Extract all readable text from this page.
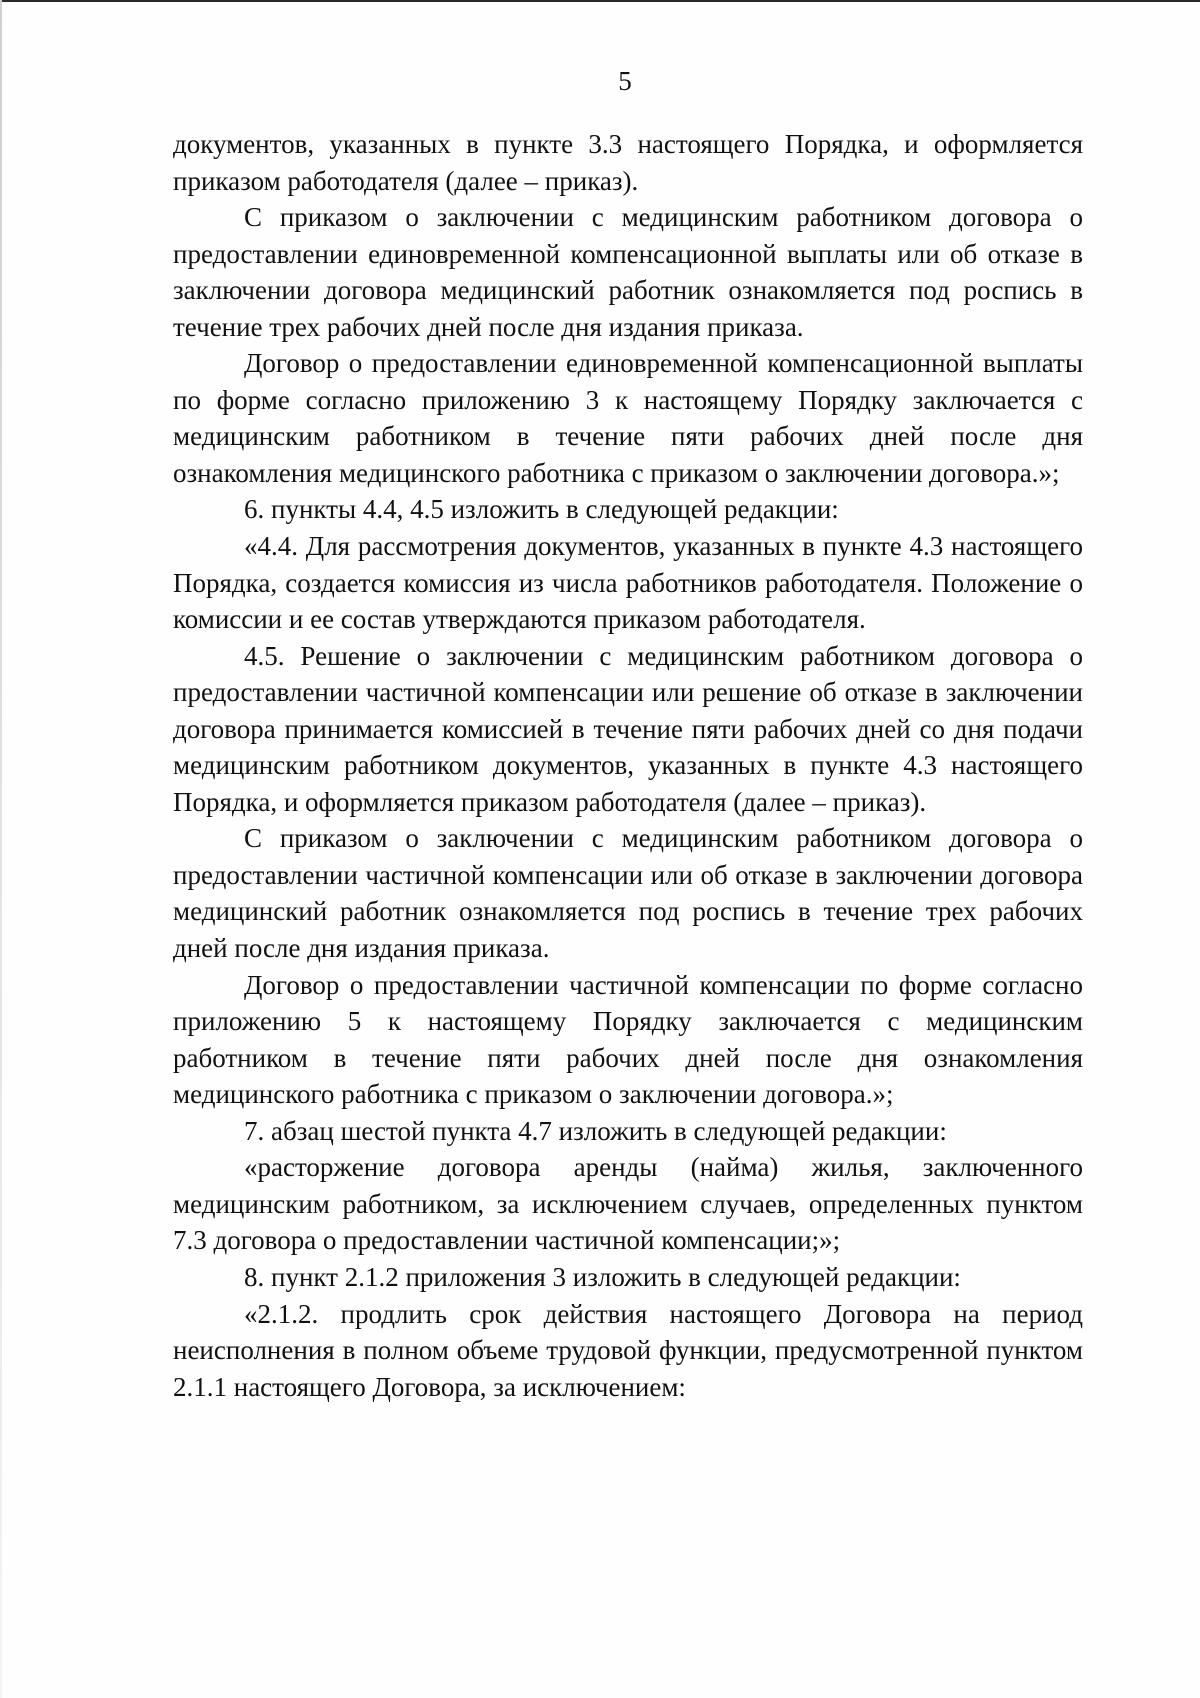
5

документов, указанных в пункте 3.3 настоящего Порядка, и оформляется приказом работодателя (далее – приказ).

С приказом о заключении с медицинским работником договора о предоставлении единовременной компенсационной выплаты или об отказе в заключении договора медицинский работник ознакомляется под роспись в течение трех рабочих дней после дня издания приказа.

Договор о предоставлении единовременной компенсационной выплаты по форме согласно приложению 3 к настоящему Порядку заключается с медицинским работником в течение пяти рабочих дней после дня ознакомления медицинского работника с приказом о заключении договора.»;

6. пункты 4.4, 4.5 изложить в следующей редакции:

«4.4. Для рассмотрения документов, указанных в пункте 4.3 настоящего Порядка, создается комиссия из числа работников работодателя. Положение о комиссии и ее состав утверждаются приказом работодателя.

4.5. Решение о заключении с медицинским работником договора о предоставлении частичной компенсации или решение об отказе в заключении договора принимается комиссией в течение пяти рабочих дней со дня подачи медицинским работником документов, указанных в пункте 4.3 настоящего Порядка, и оформляется приказом работодателя (далее – приказ).

С приказом о заключении с медицинским работником договора о предоставлении частичной компенсации или об отказе в заключении договора медицинский работник ознакомляется под роспись в течение трех рабочих дней после дня издания приказа.

Договор о предоставлении частичной компенсации по форме согласно приложению 5 к настоящему Порядку заключается с медицинским работником в течение пяти рабочих дней после дня ознакомления медицинского работника с приказом о заключении договора.»;

7. абзац шестой пункта 4.7 изложить в следующей редакции:

«расторжение договора аренды (найма) жилья, заключенного медицинским работником, за исключением случаев, определенных пунктом 7.3 договора о предоставлении частичной компенсации;»;

8. пункт 2.1.2 приложения 3 изложить в следующей редакции:

«2.1.2. продлить срок действия настоящего Договора на период неисполнения в полном объеме трудовой функции, предусмотренной пунктом 2.1.1 настоящего Договора, за исключением:
